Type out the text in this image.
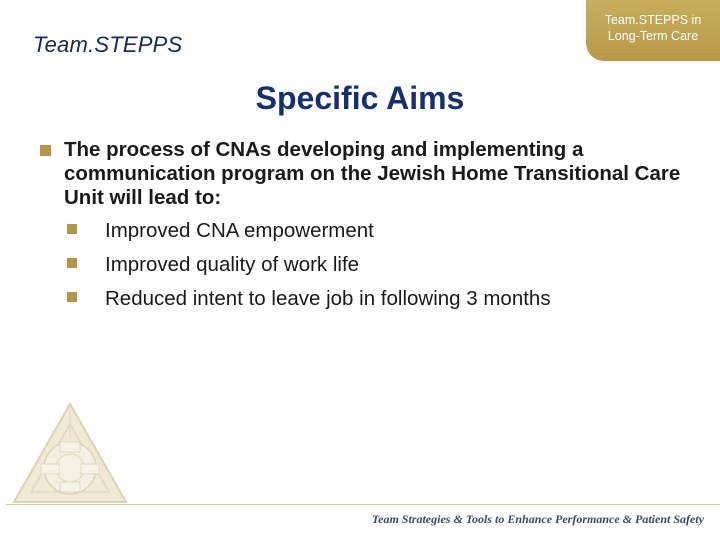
Team.STEPPS
Team.STEPPS in
Long-Term Care
Specific Aims
The process of CNAs developing and implementing a communication program on the Jewish Home Transitional Care Unit will lead to:
Improved CNA empowerment
Improved quality of work life
Reduced intent to leave job in following 3 months
Team Strategies & Tools to Enhance Performance & Patient Safety
